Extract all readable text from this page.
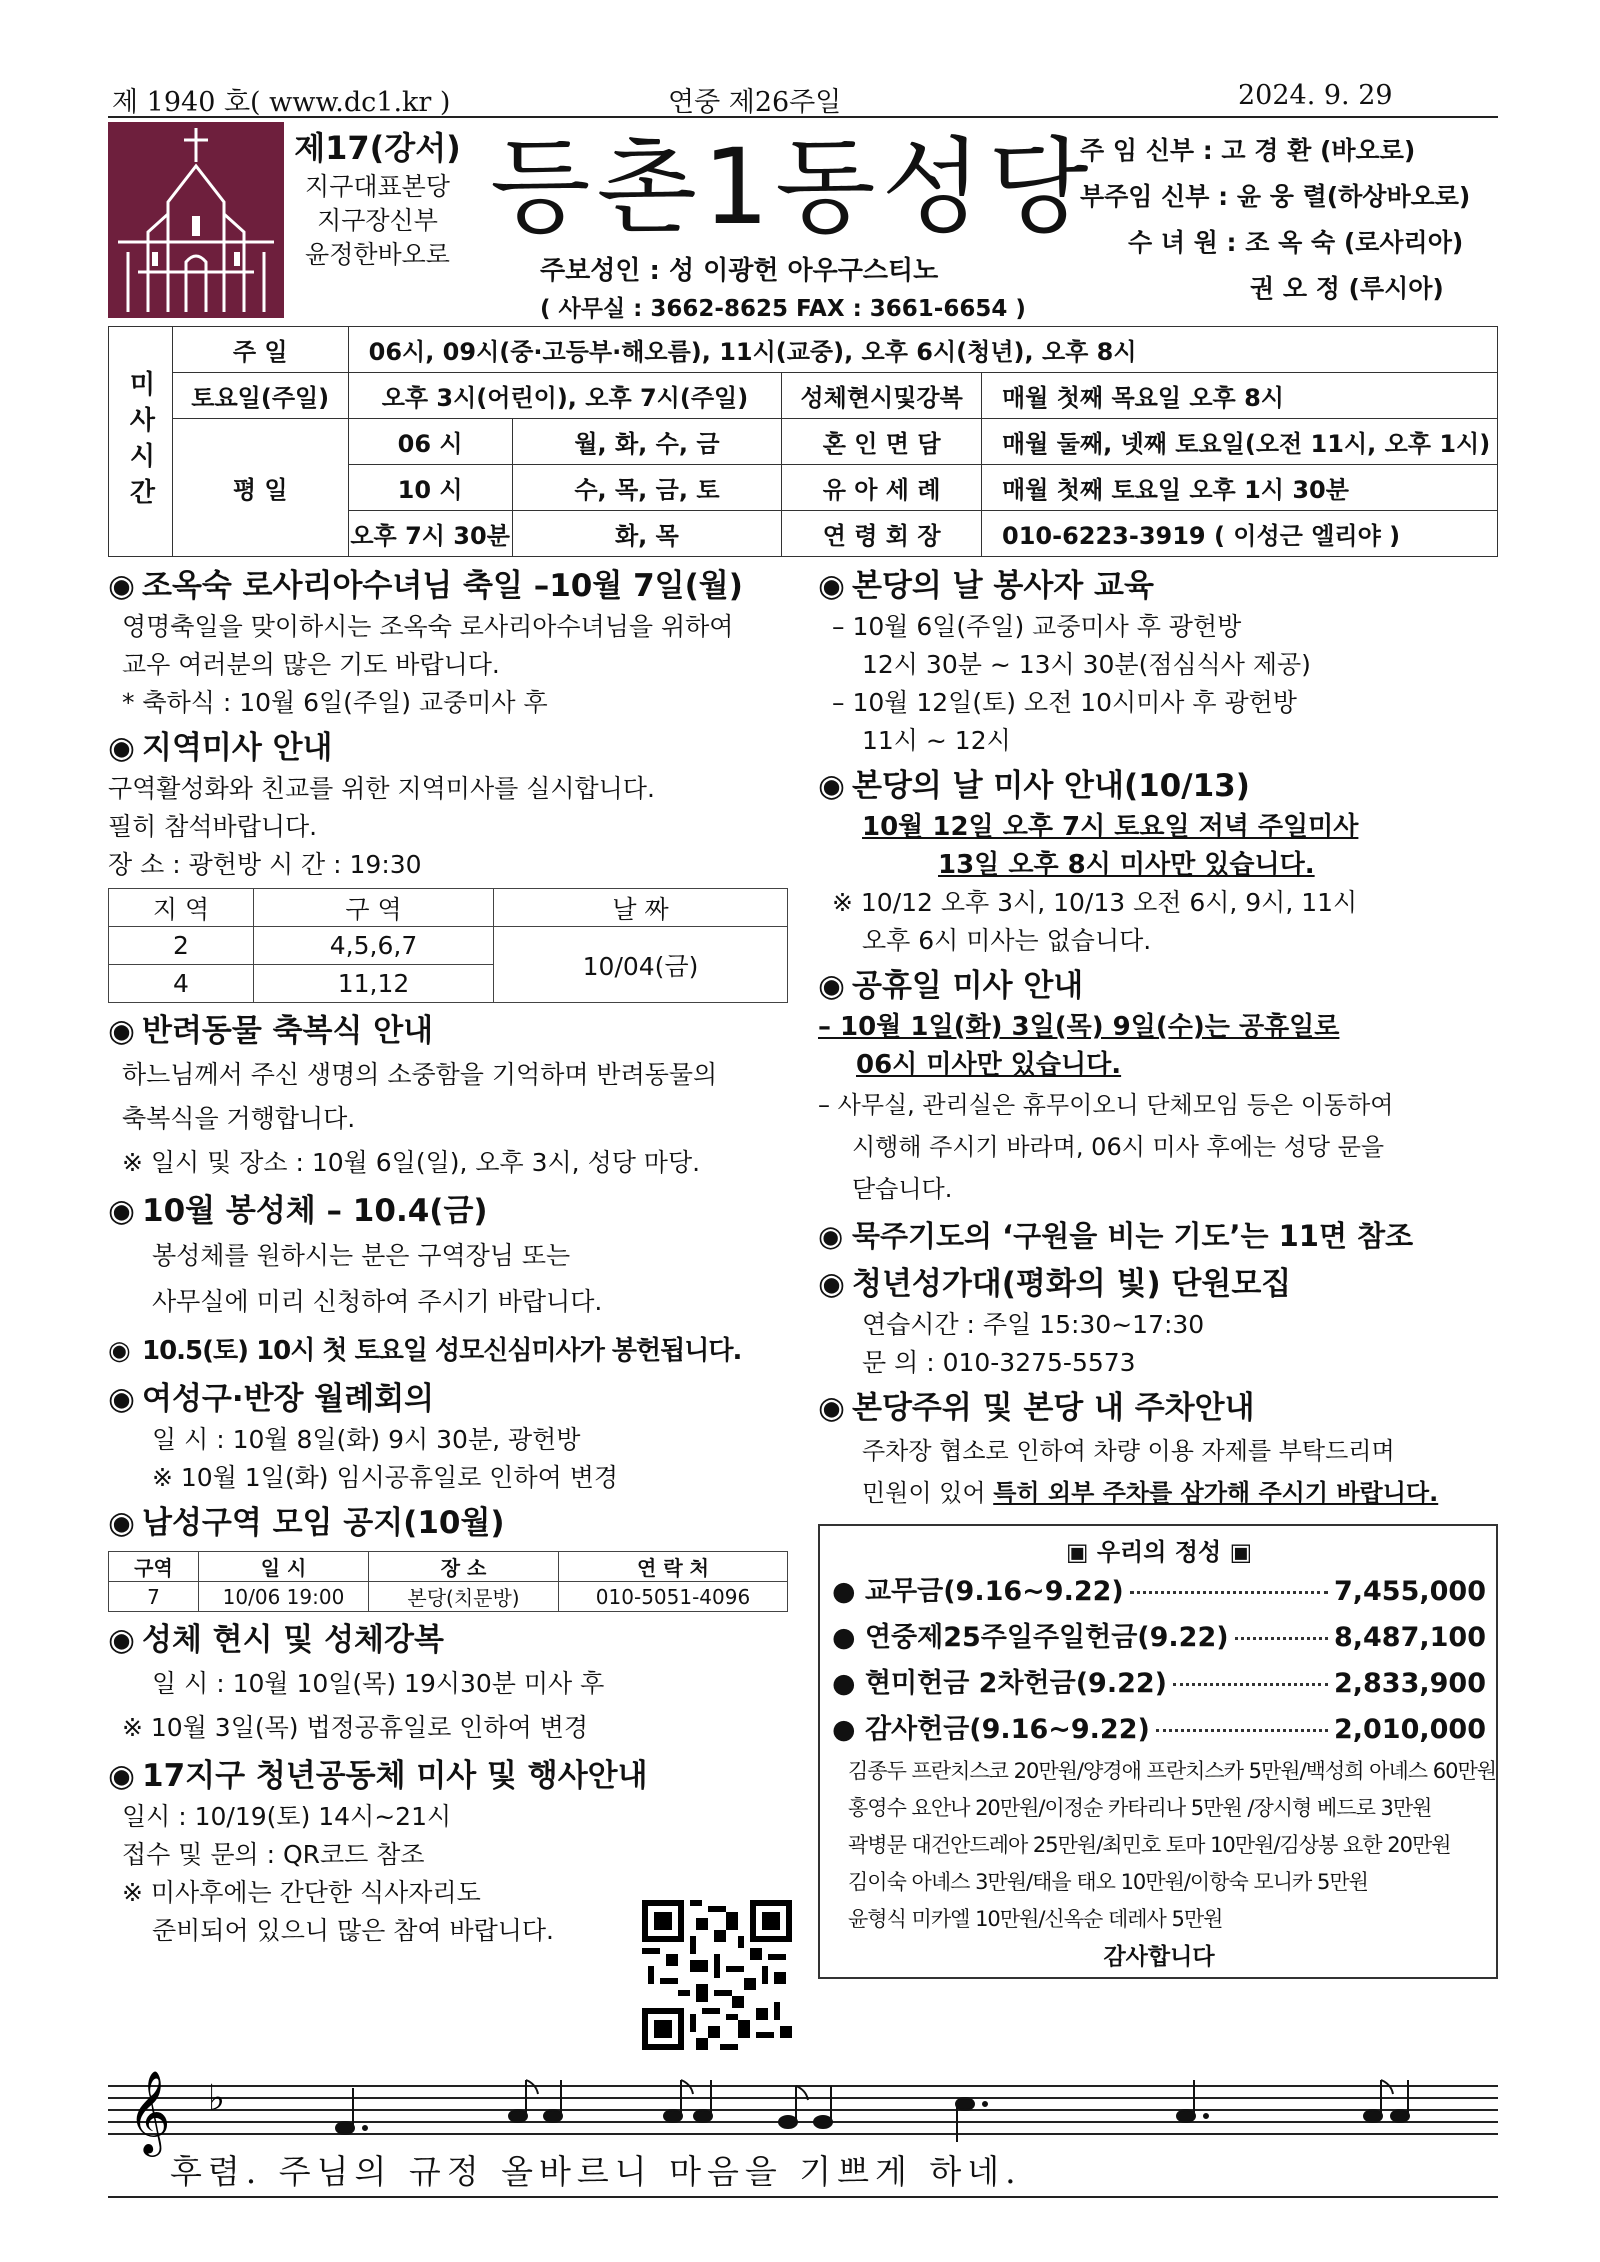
제 1940 호( www.dc1.kr )	연중 제26주일	2024. 9. 29
제17(강서)
지구대표본당
지구장신부
윤정한바오로
등촌1동성당
주보성인 : 성 이광헌 아우구스티노
( 사무실 : 3662-8625 FAX : 3661-6654 )
주 임 신부 : 고 경 환 (바오로)
부주임 신부 : 윤 웅 렬(하상바오로)
수 녀 원 : 조 옥 숙 (로사리아)
권 오 정 (루시아)
미사시간	주 일	06시, 09시(중·고등부·해오름), 11시(교중), 오후 6시(청년), 오후 8시			
	토요일(주일)	오후 3시(어린이), 오후 7시(주일)		성체현시및강복	매월 첫째 목요일 오후 8시
	평 일	06 시	월, 화, 수, 금	혼 인 면 담	매월 둘째, 넷째 토요일(오전 11시, 오후 1시)
		10 시	수, 목, 금, 토	유 아 세 례	매월 첫째 토요일 오후 1시 30분
		오후 7시 30분	화, 목	연 령 회 장	010-6223-3919 ( 이성근 엘리야 )
◉ 조옥숙 로사리아수녀님 축일 –10월 7일(월)
영명축일을 맞이하시는 조옥숙 로사리아수녀님을 위하여
교우 여러분의 많은 기도 바랍니다.
* 축하식 : 10월 6일(주일) 교중미사 후
◉ 지역미사 안내
구역활성화와 친교를 위한 지역미사를 실시합니다.
필히 참석바랍니다.
장 소 : 광헌방 시 간 : 19:30
지 역	구 역	날 짜
2	4,5,6,7	10/04(금)
4	11,12	
◉ 반려동물 축복식 안내
하느님께서 주신 생명의 소중함을 기억하며 반려동물의
축복식을 거행합니다.
※ 일시 및 장소 : 10월 6일(일), 오후 3시, 성당 마당.
◉ 10월 봉성체 – 10.4(금)
봉성체를 원하시는 분은 구역장님 또는
사무실에 미리 신청하여 주시기 바랍니다.
◉ 10.5(토) 10시 첫 토요일 성모신심미사가 봉헌됩니다.
◉ 여성구·반장 월례회의
일 시 : 10월 8일(화) 9시 30분, 광헌방
※ 10월 1일(화) 임시공휴일로 인하여 변경
◉ 남성구역 모임 공지(10월)
구역	일 시	장 소	연 락 처
7	10/06 19:00	본당(치문방)	010-5051-4096
◉ 성체 현시 및 성체강복
일 시 : 10월 10일(목) 19시30분 미사 후
※ 10월 3일(목) 법정공휴일로 인하여 변경
◉ 17지구 청년공동체 미사 및 행사안내
일시 : 10/19(토) 14시~21시
접수 및 문의 : QR코드 참조
※ 미사후에는 간단한 식사자리도
준비되어 있으니 많은 참여 바랍니다.
◉ 본당의 날 봉사자 교육
– 10월 6일(주일) 교중미사 후 광헌방
12시 30분 ~ 13시 30분(점심식사 제공)
– 10월 12일(토) 오전 10시미사 후 광헌방
11시 ~ 12시
◉ 본당의 날 미사 안내(10/13)
10월 12일 오후 7시 토요일 저녁 주일미사
13일 오후 8시 미사만 있습니다.
※ 10/12 오후 3시, 10/13 오전 6시, 9시, 11시
오후 6시 미사는 없습니다.
◉ 공휴일 미사 안내
– 10월 1일(화) 3일(목) 9일(수)는 공휴일로
06시 미사만 있습니다.
– 사무실, 관리실은 휴무이오니 단체모임 등은 이동하여
시행해 주시기 바라며, 06시 미사 후에는 성당 문을
닫습니다.
◉ 묵주기도의 ‘구원을 비는 기도’는 11면 참조
◉ 청년성가대(평화의 빛) 단원모집
연습시간 : 주일 15:30~17:30
문 의 : 010-3275-5573
◉ 본당주위 및 본당 내 주차안내
주차장 협소로 인하여 차량 이용 자제를 부탁드리며
민원이 있어 특히 외부 주차를 삼가해 주시기 바랍니다.
▣ 우리의 정성 ▣
● 교무금(9.16~9.22)	7,455,000
● 연중제25주일주일헌금(9.22)	8,487,100
● 현미헌금 2차헌금(9.22)	2,833,900
● 감사헌금(9.16~9.22)	2,010,000
김종두 프란치스코 20만원/양경애 프란치스카 5만원/백성희 아녜스 60만원
홍영수 요안나 20만원/이정순 카타리나 5만원 /장시형 베드로 3만원
곽병문 대건안드레아 25만원/최민호 토마 10만원/김상봉 요한 20만원
김이숙 아녜스 3만원/태을 태오 10만원/이항숙 모니카 5만원
윤형식 미카엘 10만원/신옥순 데레사 5만원
감사합니다
𝄞 ♭
후렴. 주님의 규정 올바르니 마음을 기쁘게 하네.
